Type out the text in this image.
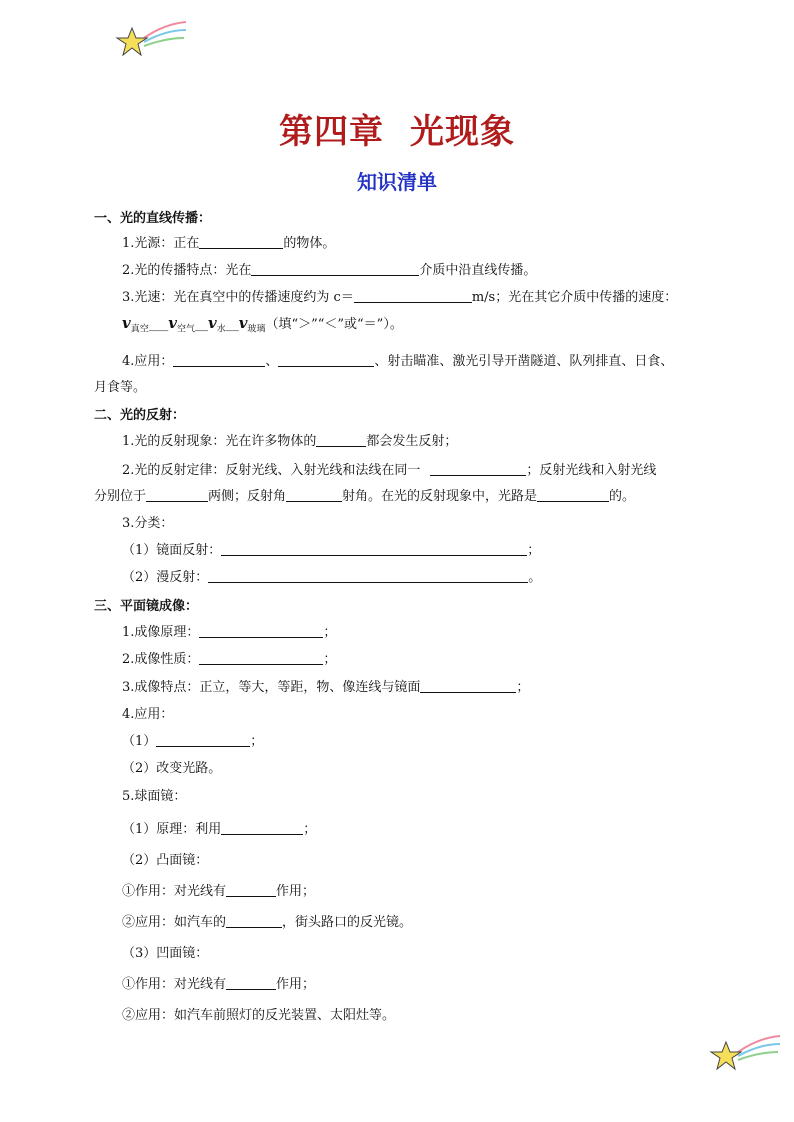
第四章 光现象
知识清单
一、光的直线传播：
1.光源：正在	的物体。
2.光的传播特点：光在	介质中沿直线传播。
3.光速：光在真空中的传播速度约为 c＝	m/s；光在其它介质中传播的速度：
$v_{真空}\_\_\_v_{空气}\_\_v_水\_\_v_{玻璃}$（填“＞”“＜”或“＝”）。
4.应用：	、	、射击瞄准、激光引导开凿隧道、队列排直、日食、
月食等。
二、光的反射：
1.光的反射现象：光在许多物体的	都会发生反射；
2.光的反射定律：反射光线、入射光线和法线在同一	；反射光线和入射光线
分别位于	两侧；反射角	射角。在光的反射现象中，光路是	的。
3.分类：
（1）镜面反射：	；
（2）漫反射：	。
三、平面镜成像：
1.成像原理：	；
2.成像性质：	；
3.成像特点：正立，等大，等距，物、像连线与镜面	；
4.应用：
（1）	；
（2）改变光路。
5.球面镜：
（1）原理：利用	；
（2）凸面镜：
①作用：对光线有	作用；
②应用：如汽车的	，街头路口的反光镜。
（3）凹面镜：
①作用：对光线有	作用；
②应用：如汽车前照灯的反光装置、太阳灶等。
